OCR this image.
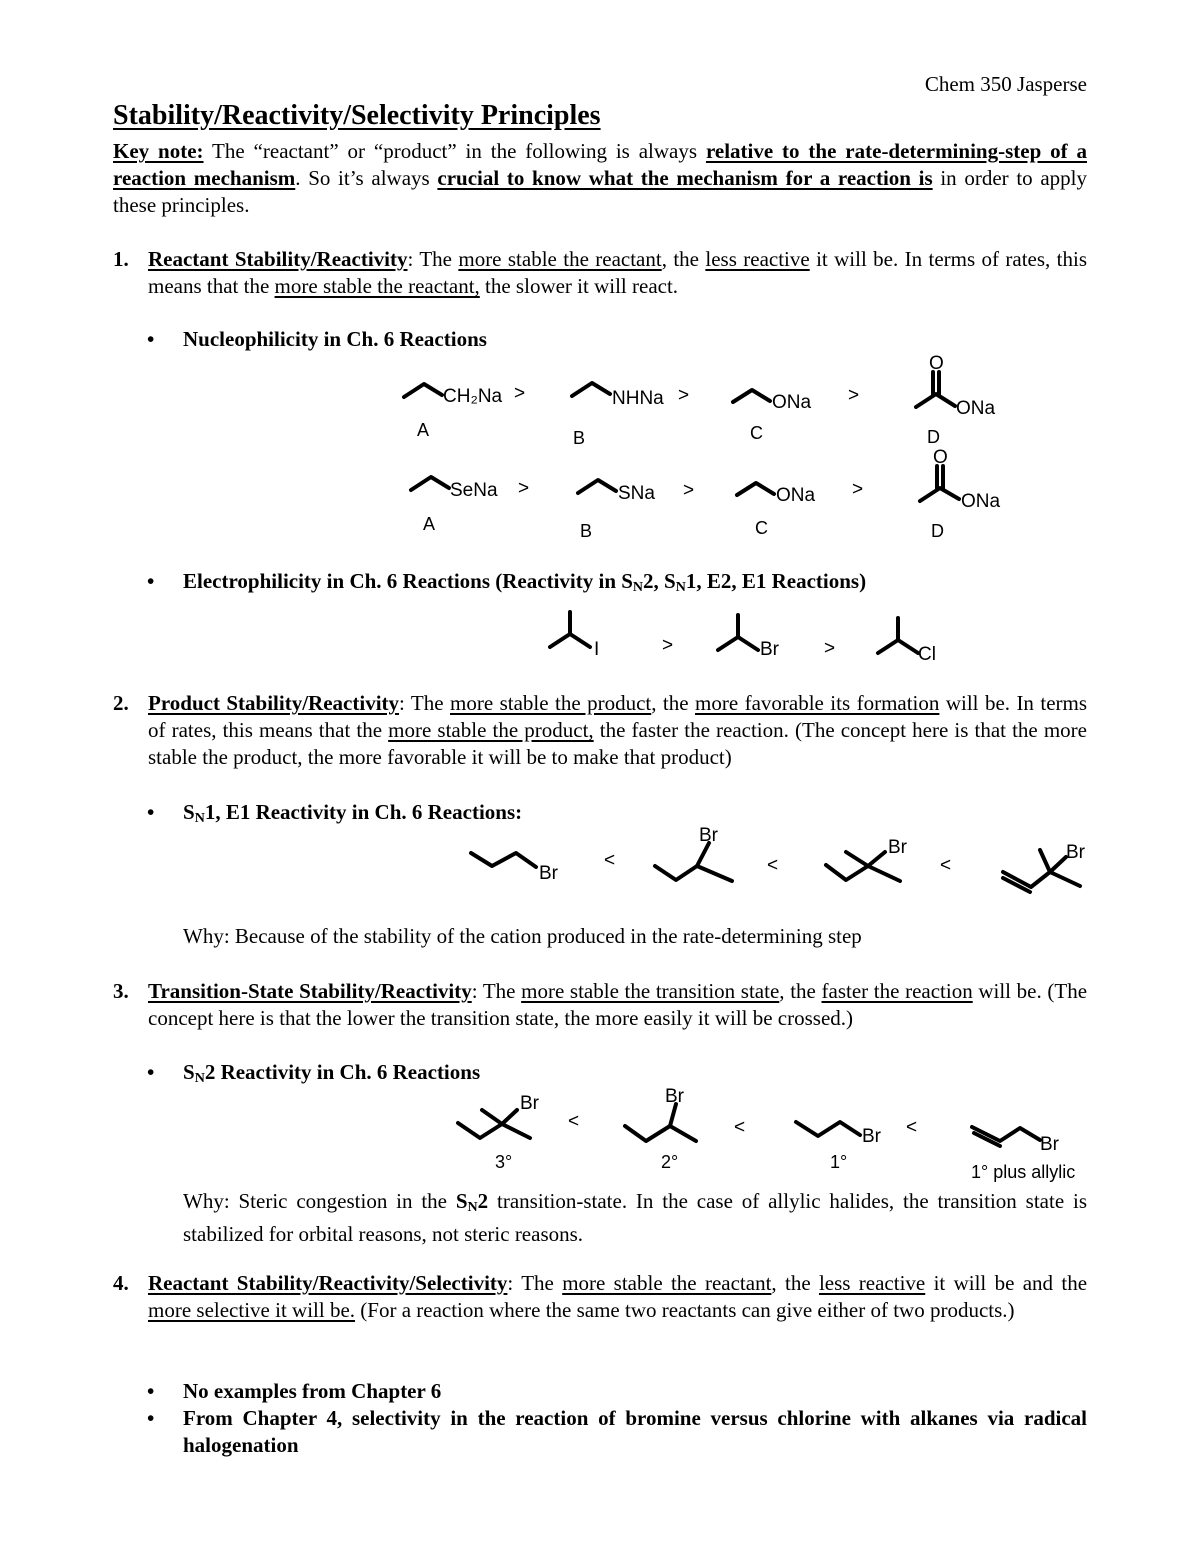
Chem 350 Jasperse
Stability/Reactivity/Selectivity Principles
Key note: The “reactant” or “product” in the following is always relative to the rate-determining-step of a reaction mechanism. So it’s always crucial to know what the mechanism for a reaction is in order to apply these principles.
1. Reactant Stability/Reactivity: The more stable the reactant, the less reactive it will be. In terms of rates, this means that the more stable the reactant, the slower it will react.
• Nucleophilicity in Ch. 6 Reactions
CH₂Na >	NHNa >	ONa >
O
ONa
A	B	C	D
SeNa >	SNa >	ONa >
O
ONa
A	B	C	D
I	>	Br >	Cl
Br
<
Br
<
Br
<
Br
Br
<
Br
<	Br <
Br
3°	2°	1°	1° plus allylic
• Electrophilicity in Ch. 6 Reactions (Reactivity in $S_N2$, $S_N1$, E2, E1 Reactions)
2. Product Stability/Reactivity: The more stable the product, the more favorable its formation will be. In terms of rates, this means that the more stable the product, the faster the reaction. (The concept here is that the more stable the product, the more favorable it will be to make that product)
• $S_N1$, E1 Reactivity in Ch. 6 Reactions:
Why: Because of the stability of the cation produced in the rate-determining step
3. Transition-State Stability/Reactivity: The more stable the transition state, the faster the reaction will be. (The concept here is that the lower the transition state, the more easily it will be crossed.)
• $S_N2$ Reactivity in Ch. 6 Reactions
Why: Steric congestion in the $S_N2$ transition-state. In the case of allylic halides, the transition state is stabilized for orbital reasons, not steric reasons.
4. Reactant Stability/Reactivity/Selectivity: The more stable the reactant, the less reactive it will be and the more selective it will be. (For a reaction where the same two reactants can give either of two products.)
• No examples from Chapter 6
• From Chapter 4, selectivity in the reaction of bromine versus chlorine with alkanes via radical halogenation
